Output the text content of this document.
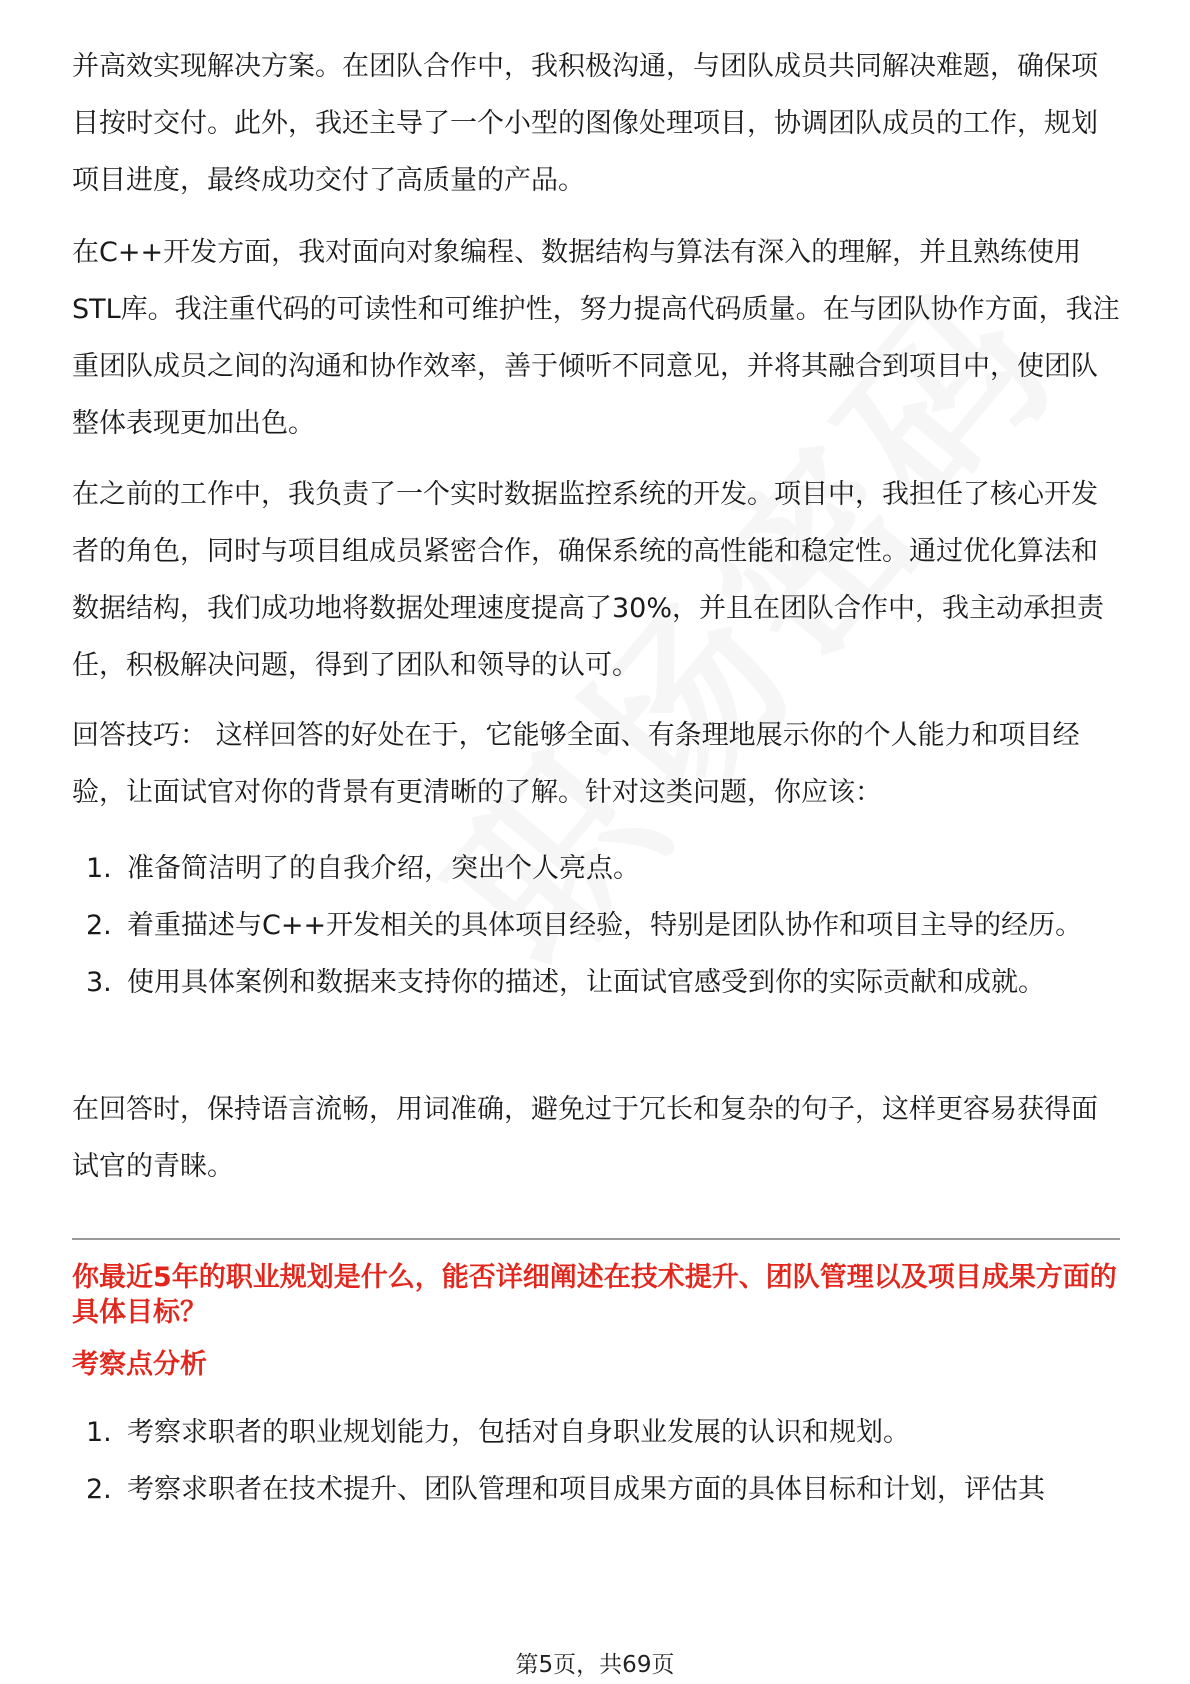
并高效实现解决方案。在团队合作中，我积极沟通，与团队成员共同解决难题，确保项目按时交付。此外，我还主导了一个小型的图像处理项目，协调团队成员的工作，规划项目进度，最终成功交付了高质量的产品。

在C++开发方面，我对面向对象编程、数据结构与算法有深入的理解，并且熟练使用STL库。我注重代码的可读性和可维护性，努力提高代码质量。在与团队协作方面，我注重团队成员之间的沟通和协作效率，善于倾听不同意见，并将其融合到项目中，使团队整体表现更加出色。

在之前的工作中，我负责了一个实时数据监控系统的开发。项目中，我担任了核心开发者的角色，同时与项目组成员紧密合作，确保系统的高性能和稳定性。通过优化算法和数据结构，我们成功地将数据处理速度提高了30%，并且在团队合作中，我主动承担责任，积极解决问题，得到了团队和领导的认可。

回答技巧： 这样回答的好处在于，它能够全面、有条理地展示你的个人能力和项目经验，让面试官对你的背景有更清晰的了解。针对这类问题，你应该：

1. 准备简洁明了的自我介绍，突出个人亮点。
2. 着重描述与C++开发相关的具体项目经验，特别是团队协作和项目主导的经历。
3. 使用具体案例和数据来支持你的描述，让面试官感受到你的实际贡献和成就。

在回答时，保持语言流畅，用词准确，避免过于冗长和复杂的句子，这样更容易获得面试官的青睐。

你最近5年的职业规划是什么，能否详细阐述在技术提升、团队管理以及项目成果方面的具体目标？
考察点分析
1. 考察求职者的职业规划能力，包括对自身职业发展的认识和规划。
2. 考察求职者在技术提升、团队管理和项目成果方面的具体目标和计划，评估其
第5页，共69页
